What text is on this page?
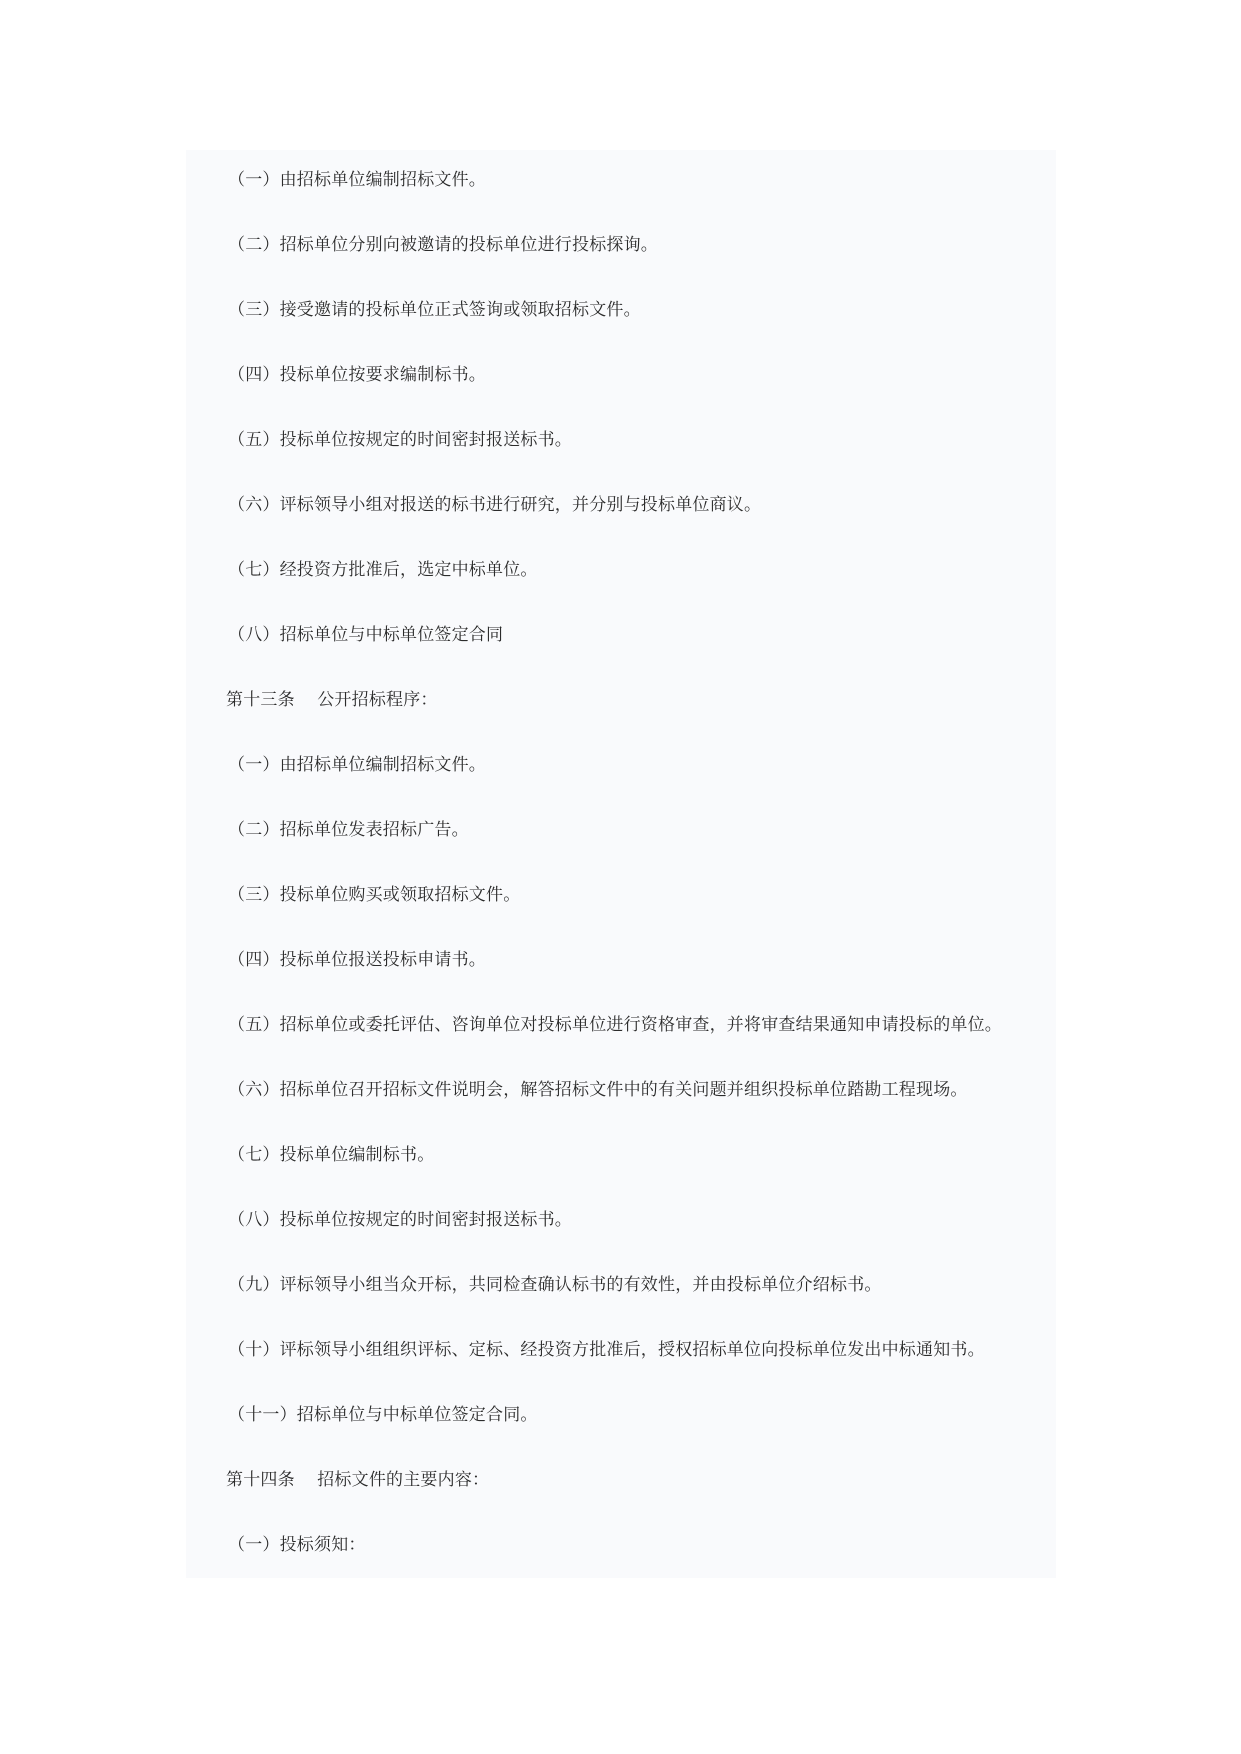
（一）由招标单位编制招标文件。
（二）招标单位分别向被邀请的投标单位进行投标探询。
（三）接受邀请的投标单位正式签询或领取招标文件。
（四）投标单位按要求编制标书。
（五）投标单位按规定的时间密封报送标书。
（六）评标领导小组对报送的标书进行研究，并分别与投标单位商议。
（七）经投资方批准后，选定中标单位。
（八）招标单位与中标单位签定合同
第十三条    公开招标程序：
（一）由招标单位编制招标文件。
（二）招标单位发表招标广告。
（三）投标单位购买或领取招标文件。
（四）投标单位报送投标申请书。
（五）招标单位或委托评估、咨询单位对投标单位进行资格审查，并将审查结果通知申请投标的单位。
（六）招标单位召开招标文件说明会，解答招标文件中的有关问题并组织投标单位踏勘工程现场。
（七）投标单位编制标书。
（八）投标单位按规定的时间密封报送标书。
（九）评标领导小组当众开标，共同检查确认标书的有效性，并由投标单位介绍标书。
（十）评标领导小组组织评标、定标、经投资方批准后，授权招标单位向投标单位发出中标通知书。
（十一）招标单位与中标单位签定合同。
第十四条    招标文件的主要内容：
（一）投标须知：
